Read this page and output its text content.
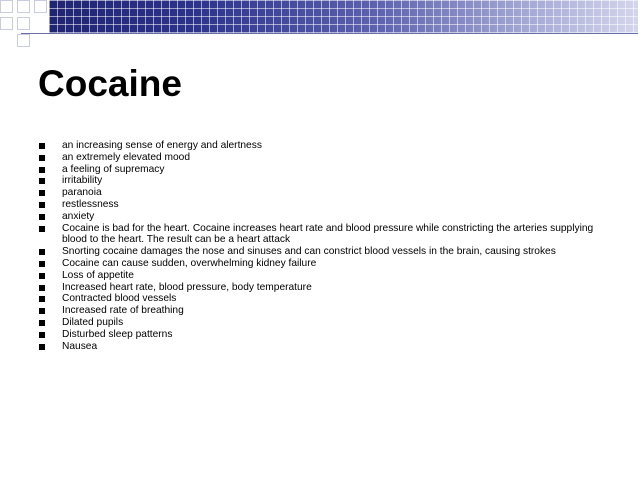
Cocaine
an increasing sense of energy and alertness
an extremely elevated mood
a feeling of supremacy
irritability
paranoia
restlessness
anxiety
Cocaine is bad for the heart. Cocaine increases heart rate and blood pressure while constricting the arteries supplying blood to the heart. The result can be a heart attack
Snorting cocaine damages the nose and sinuses and can constrict blood vessels in the brain, causing strokes
Cocaine can cause sudden, overwhelming kidney failure
Loss of appetite
Increased heart rate, blood pressure, body temperature
Contracted blood vessels
Increased rate of breathing
Dilated pupils
Disturbed sleep patterns
Nausea
